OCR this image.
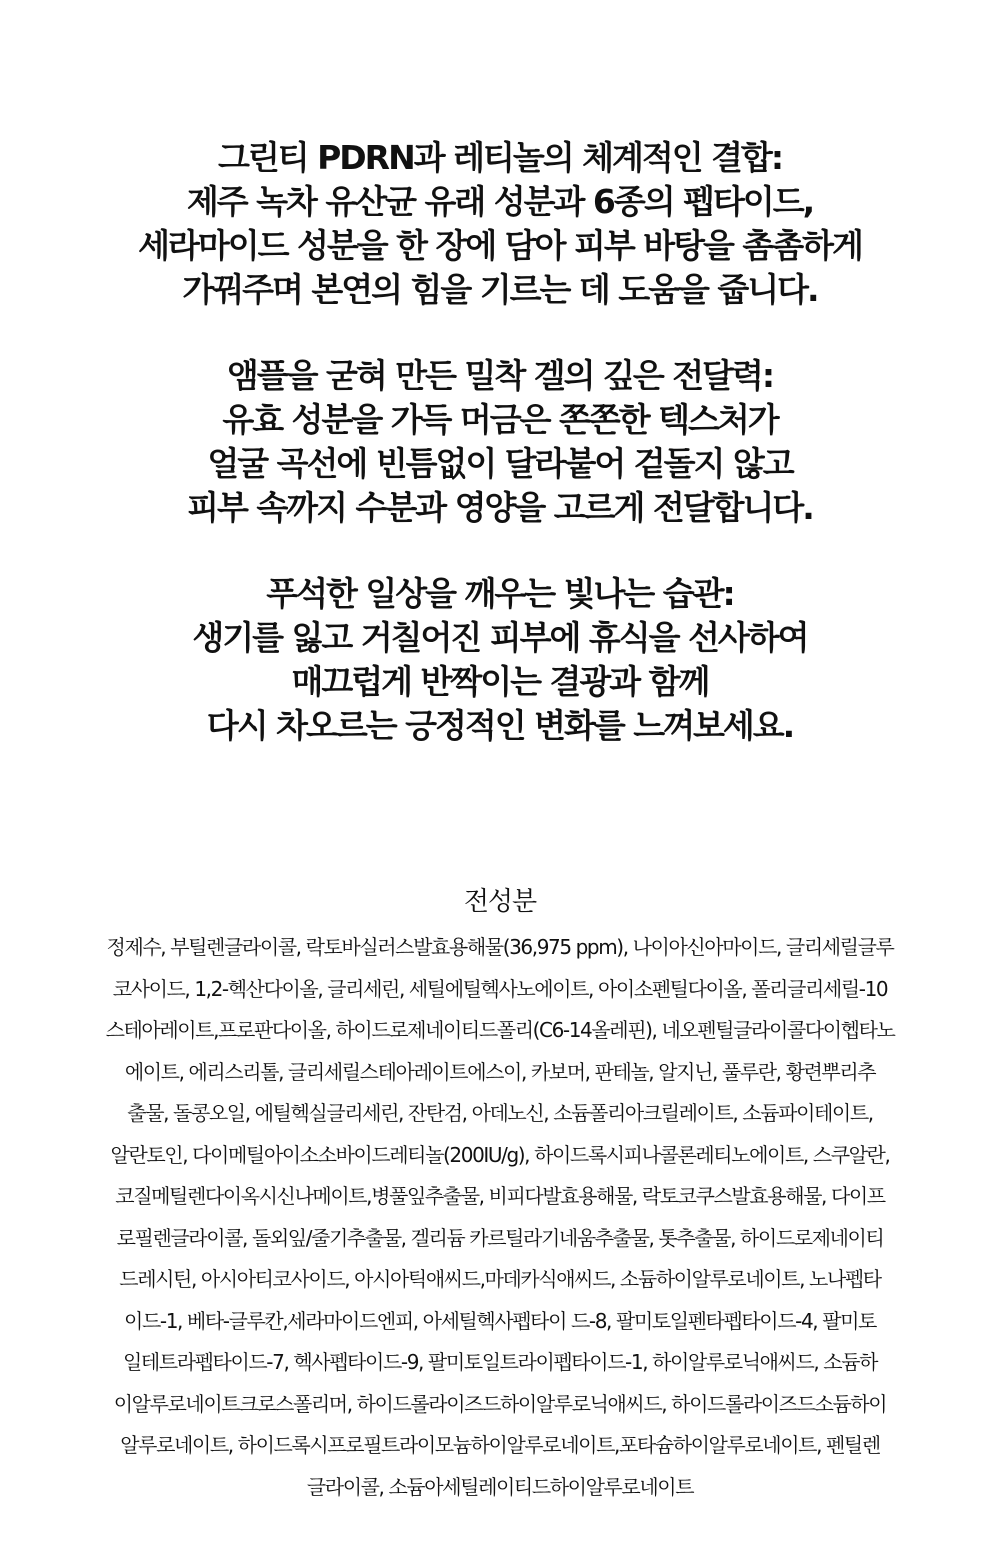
그린티 PDRN과 레티놀의 체계적인 결합:
제주 녹차 유산균 유래 성분과 6종의 펩타이드,
세라마이드 성분을 한 장에 담아 피부 바탕을 촘촘하게
가꿔주며 본연의 힘을 기르는 데 도움을 줍니다.
앰플을 굳혀 만든 밀착 겔의 깊은 전달력:
유효 성분을 가득 머금은 쫀쫀한 텍스처가
얼굴 곡선에 빈틈없이 달라붙어 겉돌지 않고
피부 속까지 수분과 영양을 고르게 전달합니다.
푸석한 일상을 깨우는 빛나는 습관:
생기를 잃고 거칠어진 피부에 휴식을 선사하여
매끄럽게 반짝이는 결광과 함께
다시 차오르는 긍정적인 변화를 느껴보세요.
전성분
정제수, 부틸렌글라이콜, 락토바실러스발효용해물(36,975 ppm), 나이아신아마이드, 글리세릴글루
코사이드, 1,2-헥산다이올, 글리세린, 세틸에틸헥사노에이트, 아이소펜틸다이올, 폴리글리세릴-10
스테아레이트,프로판다이올, 하이드로제네이티드폴리(C6-14올레핀), 네오펜틸글라이콜다이헵타노
에이트, 에리스리톨, 글리세릴스테아레이트에스이, 카보머, 판테놀, 알지닌, 풀루란, 황련뿌리추
출물, 돌콩오일, 에틸헥실글리세린, 잔탄검, 아데노신, 소듐폴리아크릴레이트, 소듐파이테이트,
알란토인, 다이메틸아이소소바이드레티놀(200IU/g), 하이드록시피나콜론레티노에이트, 스쿠알란,
코질메틸렌다이옥시신나메이트,병풀잎추출물, 비피다발효용해물, 락토코쿠스발효용해물, 다이프
로필렌글라이콜, 돌외잎/줄기추출물, 겔리듐 카르틸라기네움추출물, 톳추출물, 하이드로제네이티
드레시틴, 아시아티코사이드, 아시아틱애씨드,마데카식애씨드, 소듐하이알루로네이트, 노나펩타
이드-1, 베타-글루칸,세라마이드엔피, 아세틸헥사펩타이 드-8, 팔미토일펜타펩타이드-4, 팔미토
일테트라펩타이드-7, 헥사펩타이드-9, 팔미토일트라이펩타이드-1, 하이알루로닉애씨드, 소듐하
이알루로네이트크로스폴리머, 하이드롤라이즈드하이알루로닉애씨드, 하이드롤라이즈드소듐하이
알루로네이트, 하이드록시프로필트라이모늄하이알루로네이트,포타슘하이알루로네이트, 펜틸렌
글라이콜, 소듐아세틸레이티드하이알루로네이트
